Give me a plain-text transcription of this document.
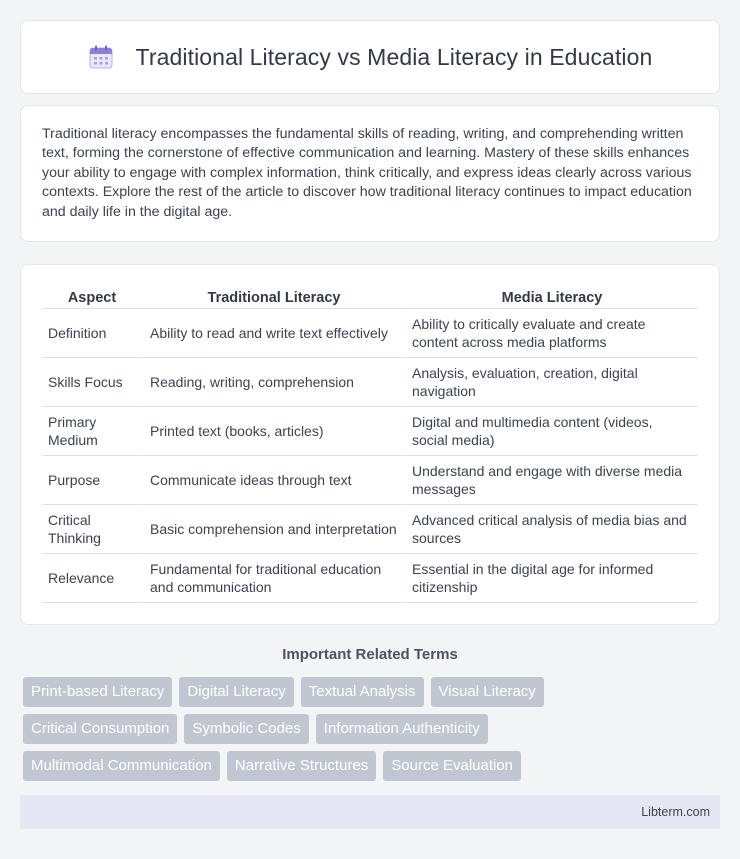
Traditional Literacy vs Media Literacy in Education

Traditional literacy encompasses the fundamental skills of reading, writing, and comprehending written text, forming the cornerstone of effective communication and learning. Mastery of these skills enhances your ability to engage with complex information, think critically, and express ideas clearly across various contexts. Explore the rest of the article to discover how traditional literacy continues to impact education and daily life in the digital age.

Aspect	Traditional Literacy	Media Literacy
Definition	Ability to read and write text effectively	Ability to critically evaluate and create content across media platforms
Skills Focus	Reading, writing, comprehension	Analysis, evaluation, creation, digital navigation
Primary Medium	Printed text (books, articles)	Digital and multimedia content (videos, social media)
Purpose	Communicate ideas through text	Understand and engage with diverse media messages
Critical Thinking	Basic comprehension and interpretation	Advanced critical analysis of media bias and sources
Relevance	Fundamental for traditional education and communication	Essential in the digital age for informed citizenship
Important Related Terms
Print-based Literacy	Digital Literacy	Textual Analysis	Visual Literacy
Critical Consumption	Symbolic Codes	Information Authenticity
Multimodal Communication	Narrative Structures	Source Evaluation
Libterm.com
